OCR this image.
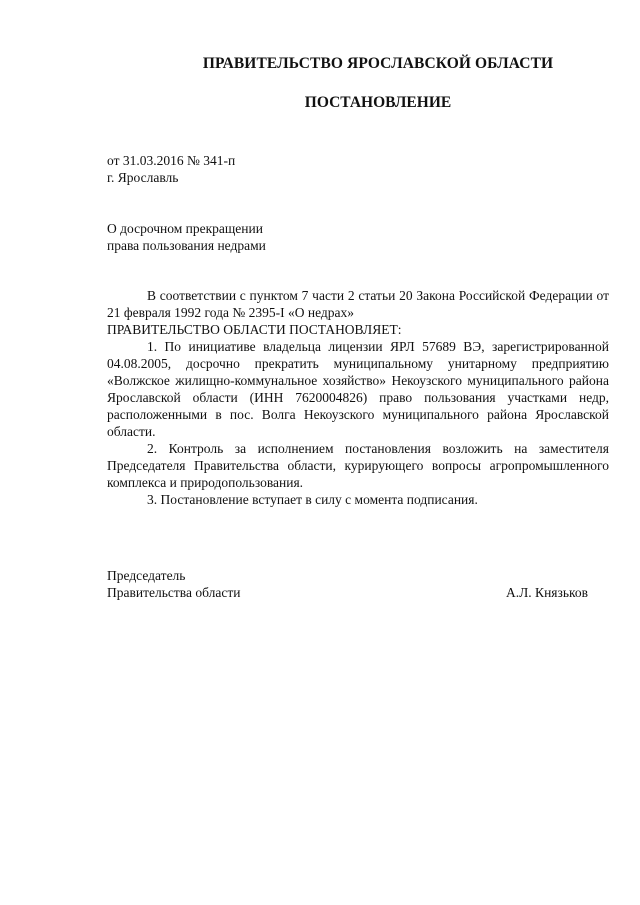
ПРАВИТЕЛЬСТВО ЯРОСЛАВСКОЙ ОБЛАСТИ
ПОСТАНОВЛЕНИЕ
от 31.03.2016 № 341-п
г. Ярославль
О досрочном прекращении
права пользования недрами

В соответствии с пунктом 7 части 2 статьи 20 Закона Российской Федерации от 21 февраля 1992 года № 2395-I «О недрах»

ПРАВИТЕЛЬСТВО ОБЛАСТИ ПОСТАНОВЛЯЕТ:

1. По инициативе владельца лицензии ЯРЛ 57689 ВЭ, зарегистрированной 04.08.2005, досрочно прекратить муниципальному унитарному предприятию «Волжское жилищно-коммунальное хозяйство» Некоузского муниципального района Ярославской области (ИНН 7620004826) право пользования участками недр, расположенными в пос. Волга Некоузского муниципального района Ярославской области.

2. Контроль за исполнением постановления возложить на заместителя Председателя Правительства области, курирующего вопросы агропромышленного комплекса и природопользования.

3. Постановление вступает в силу с момента подписания.

Председатель
Правительства области	А.Л. Князьков
